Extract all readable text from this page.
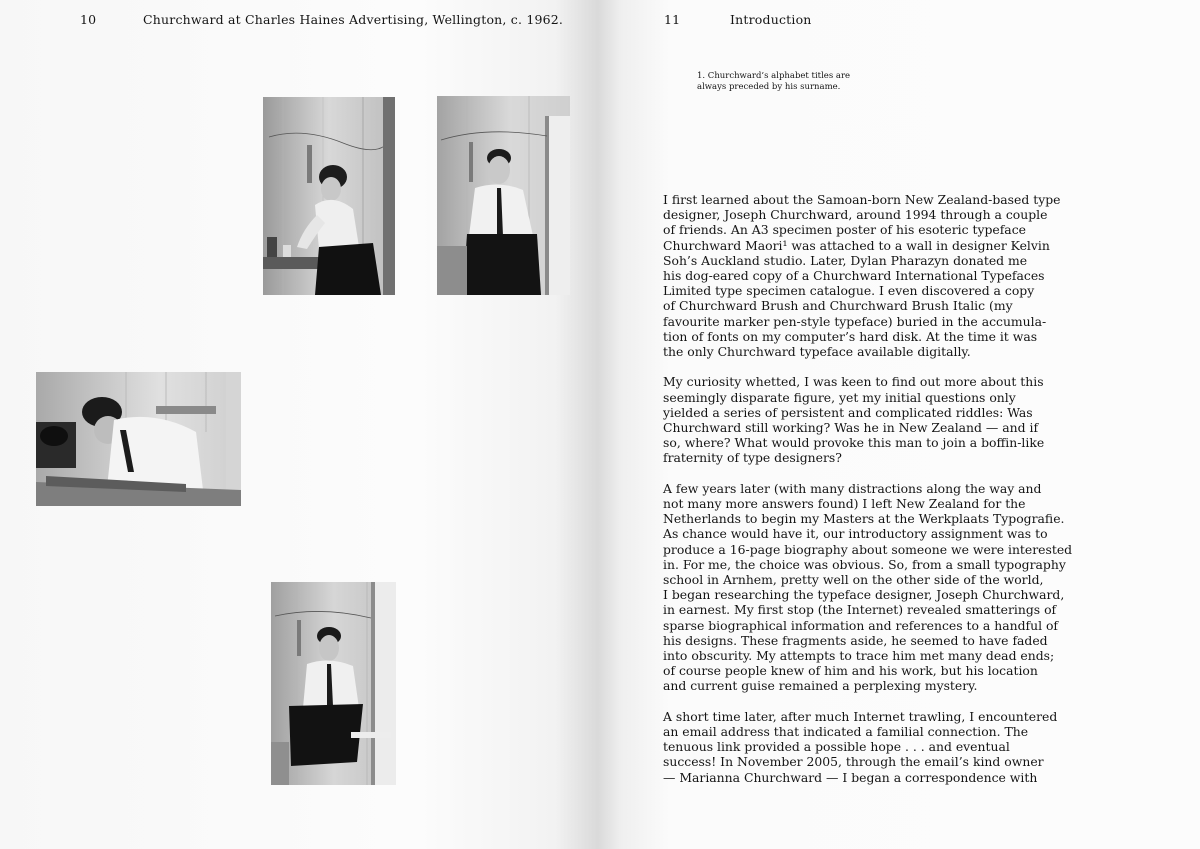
10	Churchward at Charles Haines Advertising, Wellington, c. 1962.	11	Introduction
1. Churchward’s alphabet titles are
always preceded by his surname.

I first learned about the Samoan-born New Zealand-based type
designer, Joseph Churchward, around 1994 through a couple
of friends. An A3 specimen poster of his esoteric typeface
Churchward Maori¹ was attached to a wall in designer Kelvin
Soh’s Auckland studio. Later, Dylan Pharazyn donated me
his dog-eared copy of a Churchward International Typefaces
Limited type specimen catalogue. I even discovered a copy
of Churchward Brush and Churchward Brush Italic (my
favourite marker pen-style typeface) buried in the accumula-
tion of fonts on my computer’s hard disk. At the time it was
the only Churchward typeface available digitally.

My curiosity whetted, I was keen to find out more about this
seemingly disparate figure, yet my initial questions only
yielded a series of persistent and complicated riddles: Was
Churchward still working? Was he in New Zealand — and if
so, where? What would provoke this man to join a boffin-like
fraternity of type designers?

A few years later (with many distractions along the way and
not many more answers found) I left New Zealand for the
Netherlands to begin my Masters at the Werkplaats Typografie.
As chance would have it, our introductory assignment was to
produce a 16-page biography about someone we were interested
in. For me, the choice was obvious. So, from a small typography
school in Arnhem, pretty well on the other side of the world,
I began researching the typeface designer, Joseph Churchward,
in earnest. My first stop (the Internet) revealed smatterings of
sparse biographical information and references to a handful of
his designs. These fragments aside, he seemed to have faded
into obscurity. My attempts to trace him met many dead ends;
of course people knew of him and his work, but his location
and current guise remained a perplexing mystery.

A short time later, after much Internet trawling, I encountered
an email address that indicated a familial connection. The
tenuous link provided a possible hope . . . and eventual
success! In November 2005, through the email’s kind owner
— Marianna Churchward — I began a correspondence with
